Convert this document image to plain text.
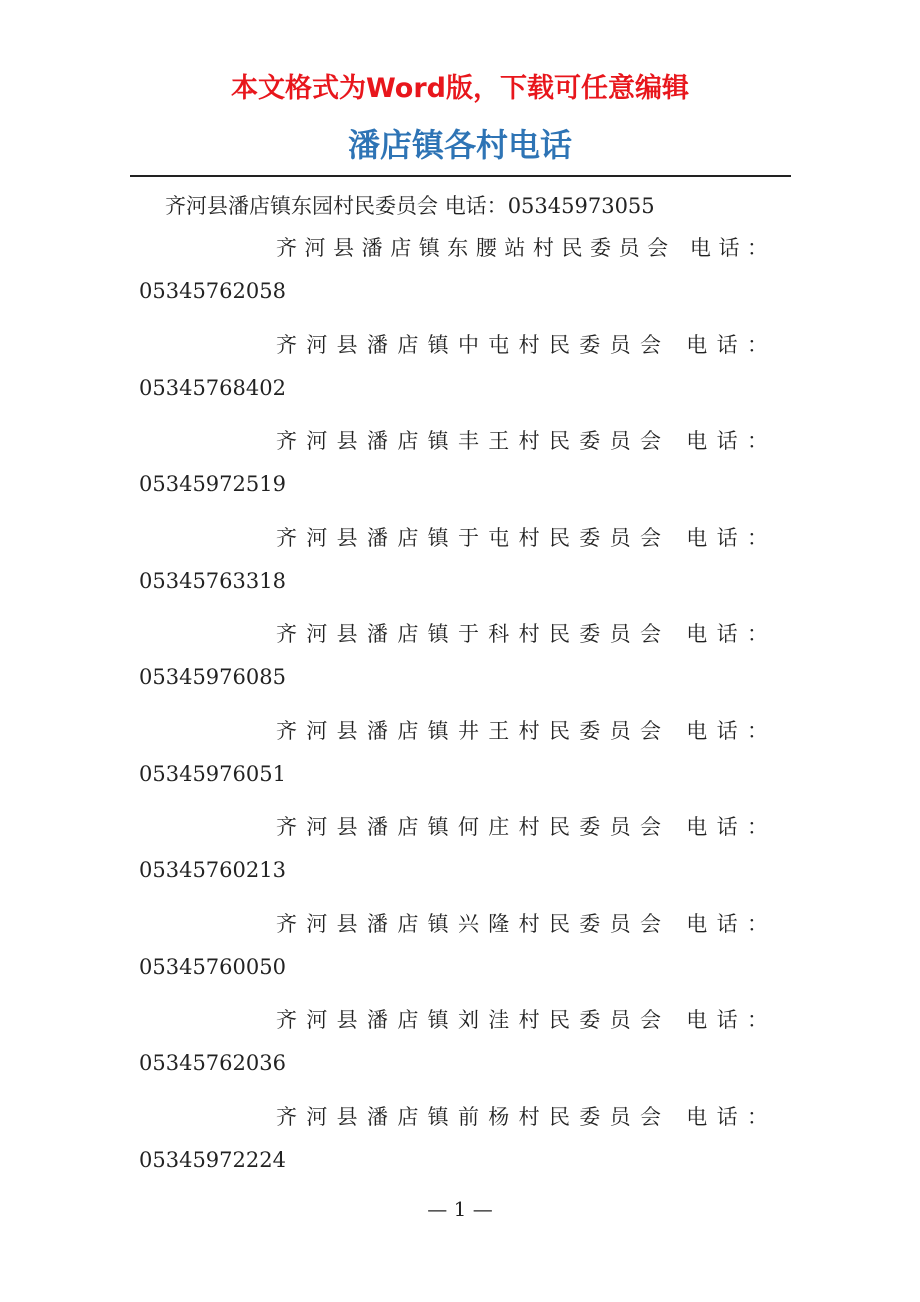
本文格式为Word版，下载可任意编辑
潘店镇各村电话
齐河县潘店镇东园村民委员会 电话：05345973055
齐 河 县 潘 店 镇 东 腰 站 村 民 委 员 会
电 话 ：
05345762058
齐 河 县 潘 店 镇 中 屯 村 民 委 员 会
电 话 ：
05345768402
齐 河 县 潘 店 镇 丰 王 村 民 委 员 会
电 话 ：
05345972519
齐 河 县 潘 店 镇 于 屯 村 民 委 员 会
电 话 ：
05345763318
齐 河 县 潘 店 镇 于 科 村 民 委 员 会
电 话 ：
05345976085
齐 河 县 潘 店 镇 井 王 村 民 委 员 会
电 话 ：
05345976051
齐 河 县 潘 店 镇 何 庄 村 民 委 员 会
电 话 ：
05345760213
齐 河 县 潘 店 镇 兴 隆 村 民 委 员 会
电 话 ：
05345760050
齐 河 县 潘 店 镇 刘 洼 村 民 委 员 会
电 话 ：
05345762036
齐 河 县 潘 店 镇 前 杨 村 民 委 员 会
电 话 ：
05345972224
— 1 —
